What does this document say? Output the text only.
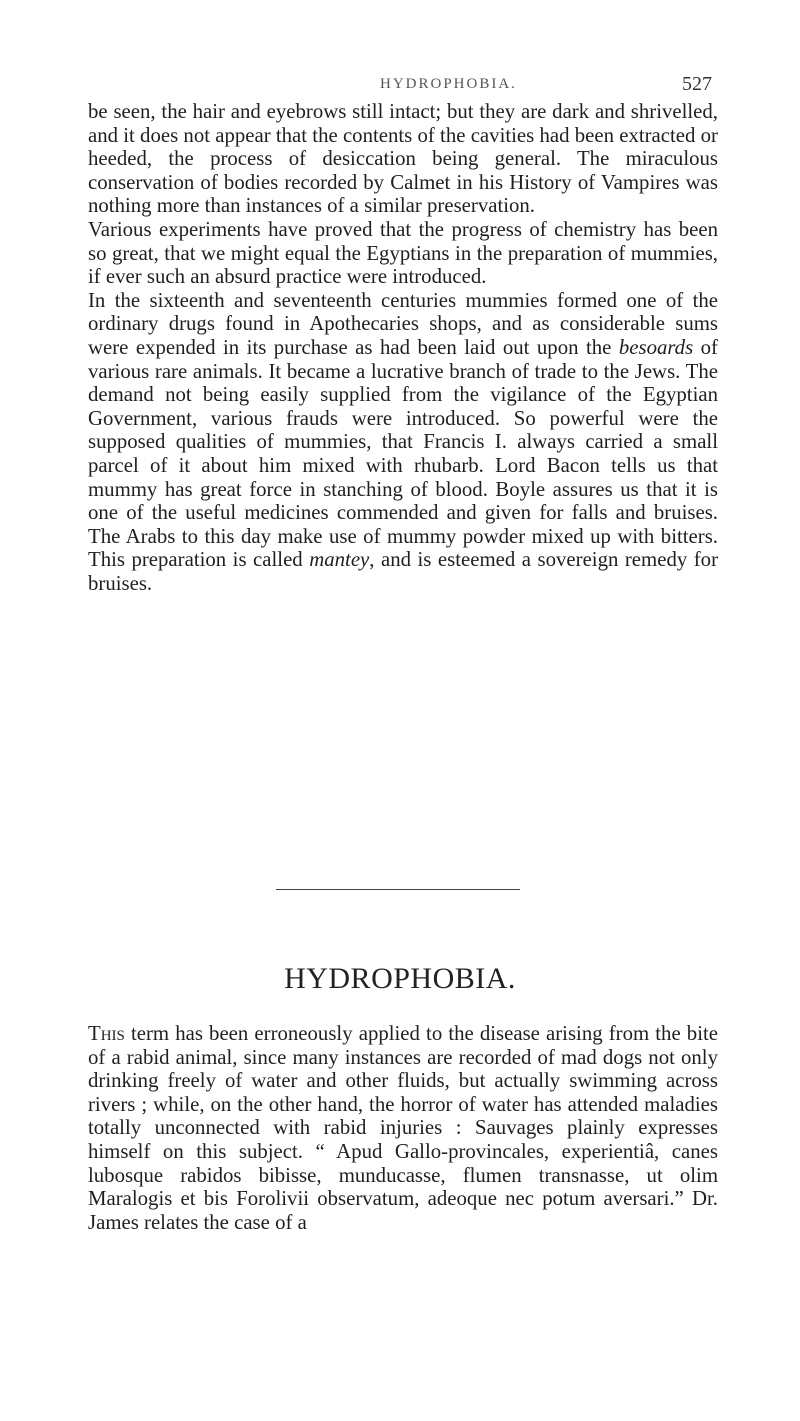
HYDROPHOBIA.	527

be seen, the hair and eyebrows still intact; but they are dark and shrivelled, and it does not appear that the contents of the cavities had been extracted or heeded, the process of desiccation being general. The miraculous conservation of bodies recorded by Calmet in his History of Vampires was nothing more than instances of a similar preservation.

Various experiments have proved that the progress of chemistry has been so great, that we might equal the Egyptians in the preparation of mummies, if ever such an absurd practice were introduced.

In the sixteenth and seventeenth centuries mummies formed one of the ordinary drugs found in Apothecaries shops, and as considerable sums were expended in its purchase as had been laid out upon the besoards of various rare animals. It became a lucrative branch of trade to the Jews. The demand not being easily supplied from the vigilance of the Egyptian Government, various frauds were introduced. So powerful were the supposed qualities of mummies, that Francis I. always carried a small parcel of it about him mixed with rhubarb. Lord Bacon tells us that mummy has great force in stanching of blood. Boyle assures us that it is one of the useful medicines commended and given for falls and bruises. The Arabs to this day make use of mummy powder mixed up with bitters. This preparation is called mantey, and is esteemed a sovereign remedy for bruises.

HYDROPHOBIA.

This term has been erroneously applied to the disease arising from the bite of a rabid animal, since many instances are recorded of mad dogs not only drinking freely of water and other fluids, but actually swimming across rivers ; while, on the other hand, the horror of water has attended maladies totally unconnected with rabid injuries : Sauvages plainly expresses himself on this subject. “ Apud Gallo-provincales, experientiâ, canes lubosque rabidos bibisse, munducasse, flumen transnasse, ut olim Maralogis et bis Forolivii observatum, adeoque nec potum aversari.” Dr. James relates the case of a
